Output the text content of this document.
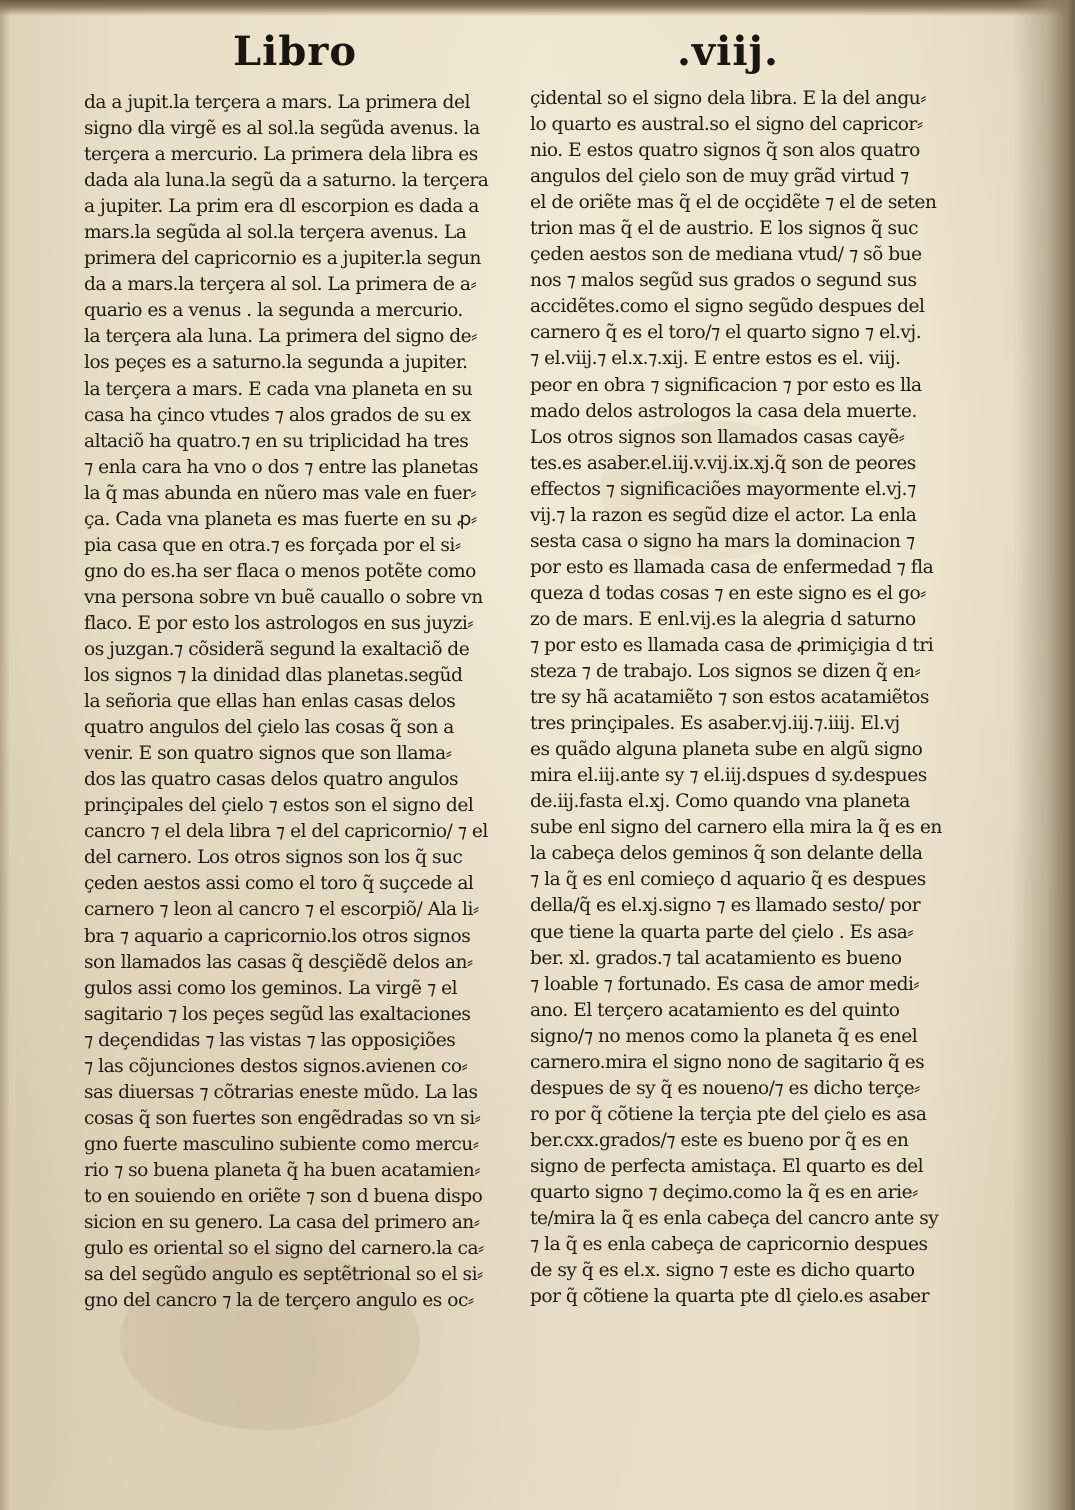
Libro	.viij.
da a jupit.la terçera a mars. La primera del
signo dla virgẽ es al sol.la segũda avenus. la
terçera a mercurio. La primera dela libra es
dada ala luna.la segũ da a saturno. la terçera
a jupiter. La prim era dl escorpion es dada a
mars.la segũda al sol.la terçera avenus. La
primera del capricornio es a jupiter.la segun
da a mars.la terçera al sol. La primera de a⸗
quario es a venus . la segunda a mercurio.
la terçera ala luna. La primera del signo de⸗
los peçes es a saturno.la segunda a jupiter.
la terçera a mars. E cada vna planeta en su
casa ha çinco vtudes ⁊ alos grados de su ex
altaciõ ha quatro.⁊ en su triplicidad ha tres
⁊ enla cara ha vno o dos ⁊ entre las planetas
la q̃ mas abunda en nũero mas vale en fuer⸗
ça. Cada vna planeta es mas fuerte en su ꝓ⸗
pia casa que en otra.⁊ es forçada por el si⸗
gno do es.ha ser flaca o menos potẽte como
vna persona sobre vn buẽ cauallo o sobre vn
flaco. E por esto los astrologos en sus juyzi⸗
os juzgan.⁊ cõsiderã segund la exaltaciõ de
los signos ⁊ la dinidad dlas planetas.segũd
la señoria que ellas han enlas casas delos
quatro angulos del çielo las cosas q̃ son a
venir. E son quatro signos que son llama⸗
dos las quatro casas delos quatro angulos
prinçipales del çielo ⁊ estos son el signo del
cancro ⁊ el dela libra ⁊ el del capricornio/ ⁊ el
del carnero. Los otros signos son los q̃ suc
çeden aestos assi como el toro q̃ suçcede al
carnero ⁊ leon al cancro ⁊ el escorpiõ/ Ala li⸗
bra ⁊ aquario a capricornio.los otros signos
son llamados las casas q̃ desçiẽdẽ delos an⸗
gulos assi como los geminos. La virgẽ ⁊ el
sagitario ⁊ los peçes segũd las exaltaciones
⁊ deçendidas ⁊ las vistas ⁊ las opposiçiões
⁊ las cõjunciones destos signos.avienen co⸗
sas diuersas ⁊ cõtrarias eneste mũdo. La las
cosas q̃ son fuertes son engẽdradas so vn si⸗
gno fuerte masculino subiente como mercu⸗
rio ⁊ so buena planeta q̃ ha buen acatamien⸗
to en souiendo en oriẽte ⁊ son d buena dispo
sicion en su genero. La casa del primero an⸗
gulo es oriental so el signo del carnero.la ca⸗
sa del segũdo angulo es septẽtrional so el si⸗
gno del cancro ⁊ la de terçero angulo es oc⸗
çidental so el signo dela libra. E la del angu⸗
lo quarto es austral.so el signo del capricor⸗
nio. E estos quatro signos q̃ son alos quatro
angulos del çielo son de muy grãd virtud ⁊
el de oriẽte mas q̃ el de ocçidẽte ⁊ el de seten
trion mas q̃ el de austrio. E los signos q̃ suc
çeden aestos son de mediana vtud/ ⁊ sõ bue
nos ⁊ malos segũd sus grados o segund sus
accidẽtes.como el signo segũdo despues del
carnero q̃ es el toro/⁊ el quarto signo ⁊ el.vj.
⁊ el.viij.⁊ el.x.⁊.xij. E entre estos es el. viij.
peor en obra ⁊ significacion ⁊ por esto es lla
mado delos astrologos la casa dela muerte.
Los otros signos son llamados casas cayẽ⸗
tes.es asaber.el.iij.v.vij.ix.xj.q̃ son de peores
effectos ⁊ significaciões mayormente el.vj.⁊
vij.⁊ la razon es segũd dize el actor. La enla
sesta casa o signo ha mars la dominacion ⁊
por esto es llamada casa de enfermedad ⁊ fla
queza d todas cosas ⁊ en este signo es el go⸗
zo de mars. E enl.vij.es la alegria d saturno
⁊ por esto es llamada casa de ꝓrimiçigia d tri
steza ⁊ de trabajo. Los signos se dizen q̃ en⸗
tre sy hã acatamiẽto ⁊ son estos acatamiẽtos
tres prinçipales. Es asaber.vj.iij.⁊.iiij. El.vj
es quãdo alguna planeta sube en algũ signo
mira el.iij.ante sy ⁊ el.iij.dspues d sy.despues
de.iij.fasta el.xj. Como quando vna planeta
sube enl signo del carnero ella mira la q̃ es en
la cabeça delos geminos q̃ son delante della
⁊ la q̃ es enl comieço d aquario q̃ es despues
della/q̃ es el.xj.signo ⁊ es llamado sesto/ por
que tiene la quarta parte del çielo . Es asa⸗
ber. xl. grados.⁊ tal acatamiento es bueno
⁊ loable ⁊ fortunado. Es casa de amor medi⸗
ano. El terçero acatamiento es del quinto
signo/⁊ no menos como la planeta q̃ es enel
carnero.mira el signo nono de sagitario q̃ es
despues de sy q̃ es noueno/⁊ es dicho terçe⸗
ro por q̃ cõtiene la terçia pte del çielo es asa
ber.cxx.grados/⁊ este es bueno por q̃ es en
signo de perfecta amistaça. El quarto es del
quarto signo ⁊ deçimo.como la q̃ es en arie⸗
te/mira la q̃ es enla cabeça del cancro ante sy
⁊ la q̃ es enla cabeça de capricornio despues
de sy q̃ es el.x. signo ⁊ este es dicho quarto
por q̃ cõtiene la quarta pte dl çielo.es asaber
